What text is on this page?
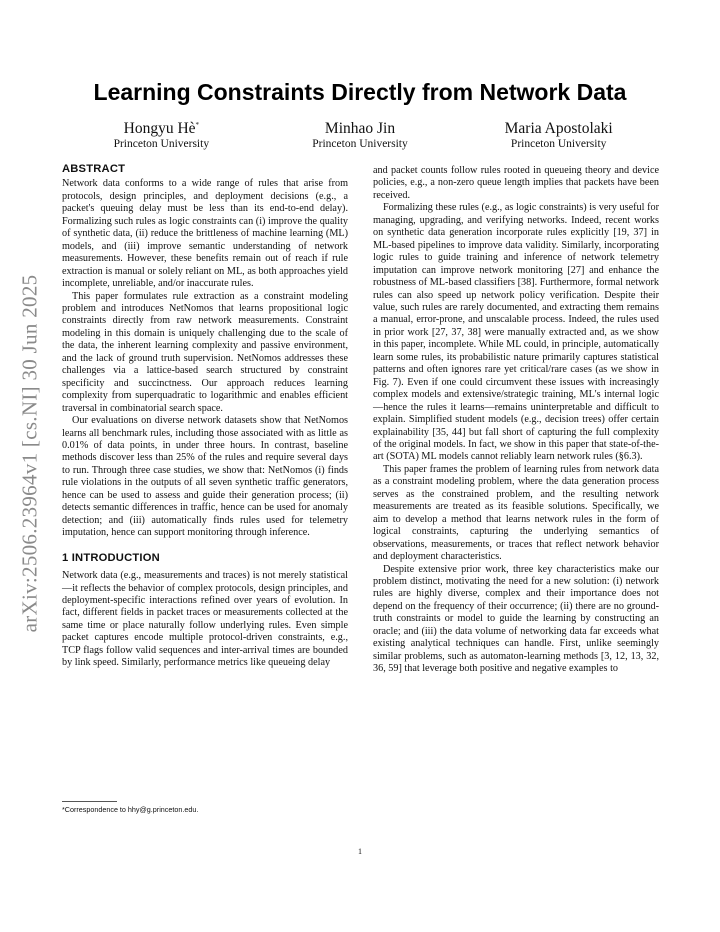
arXiv:2506.23964v1 [cs.NI] 30 Jun 2025
Learning Constraints Directly from Network Data
Hongyu Hè*
Princeton University
Minhao Jin
Princeton University
Maria Apostolaki
Princeton University
ABSTRACT

Network data conforms to a wide range of rules that arise from protocols, design principles, and deployment decisions (e.g., a packet's queuing delay must be less than its end-to-end delay). Formalizing such rules as logic constraints can (i) improve the quality of synthetic data, (ii) reduce the brittleness of machine learning (ML) models, and (iii) improve semantic understanding of network measurements. However, these benefits remain out of reach if rule extraction is manual or solely reliant on ML, as both approaches yield incomplete, unreliable, and/or inaccurate rules.

This paper formulates rule extraction as a constraint modeling problem and introduces NetNomos that learns propositional logic constraints directly from raw network measurements. Constraint modeling in this domain is uniquely challenging due to the scale of the data, the inherent learning complexity and passive environment, and the lack of ground truth supervision. NetNomos addresses these challenges via a lattice-based search structured by constraint specificity and succinctness. Our approach reduces learning complexity from superquadratic to logarithmic and enables efficient traversal in combinatorial search space.

Our evaluations on diverse network datasets show that NetNomos learns all benchmark rules, including those associated with as little as 0.01% of data points, in under three hours. In contrast, baseline methods discover less than 25% of the rules and require several days to run. Through three case studies, we show that: NetNomos (i) finds rule violations in the outputs of all seven synthetic traffic generators, hence can be used to assess and guide their generation process; (ii) detects semantic differences in traffic, hence can be used for anomaly detection; and (iii) automatically finds rules used for telemetry imputation, hence can support monitoring through inference.

1 INTRODUCTION

Network data (e.g., measurements and traces) is not merely statistical—it reflects the behavior of complex protocols, design principles, and deployment-specific interactions refined over years of evolution. In fact, different fields in packet traces or measurements collected at the same time or place naturally follow underlying rules. Even simple packet captures encode multiple protocol-driven constraints, e.g., TCP flags follow valid sequences and inter-arrival times are bounded by link speed. Similarly, performance metrics like queueing delay

and packet counts follow rules rooted in queueing theory and device policies, e.g., a non-zero queue length implies that packets have been received.

Formalizing these rules (e.g., as logic constraints) is very useful for managing, upgrading, and verifying networks. Indeed, recent works on synthetic data generation incorporate rules explicitly [19, 37] in ML-based pipelines to improve data validity. Similarly, incorporating logic rules to guide training and inference of network telemetry imputation can improve network monitoring [27] and enhance the robustness of ML-based classifiers [38]. Furthermore, formal network rules can also speed up network policy verification. Despite their value, such rules are rarely documented, and extracting them remains a manual, error-prone, and unscalable process. Indeed, the rules used in prior work [27, 37, 38] were manually extracted and, as we show in this paper, incomplete. While ML could, in principle, automatically learn some rules, its probabilistic nature primarily captures statistical patterns and often ignores rare yet critical/rare cases (as we show in Fig. 7). Even if one could circumvent these issues with increasingly complex models and extensive/strategic training, ML's internal logic—hence the rules it learns—remains uninterpretable and difficult to explain. Simplified student models (e.g., decision trees) offer certain explainability [35, 44] but fall short of capturing the full complexity of the original models. In fact, we show in this paper that state-of-the-art (SOTA) ML models cannot reliably learn network rules (§6.3).

This paper frames the problem of learning rules from network data as a constraint modeling problem, where the data generation process serves as the constrained problem, and the resulting network measurements are treated as its feasible solutions. Specifically, we aim to develop a method that learns network rules in the form of logical constraints, capturing the underlying semantics of observations, measurements, or traces that reflect network behavior and deployment characteristics.

Despite extensive prior work, three key characteristics make our problem distinct, motivating the need for a new solution: (i) network rules are highly diverse, complex and their importance does not depend on the frequency of their occurrence; (ii) there are no ground-truth constraints or model to guide the learning by constructing an oracle; and (iii) the data volume of networking data far exceeds what existing analytical techniques can handle. First, unlike seemingly similar problems, such as automaton-learning methods [3, 12, 13, 32, 36, 59] that leverage both positive and negative examples to

*Correspondence to hhy@g.princeton.edu.
1
